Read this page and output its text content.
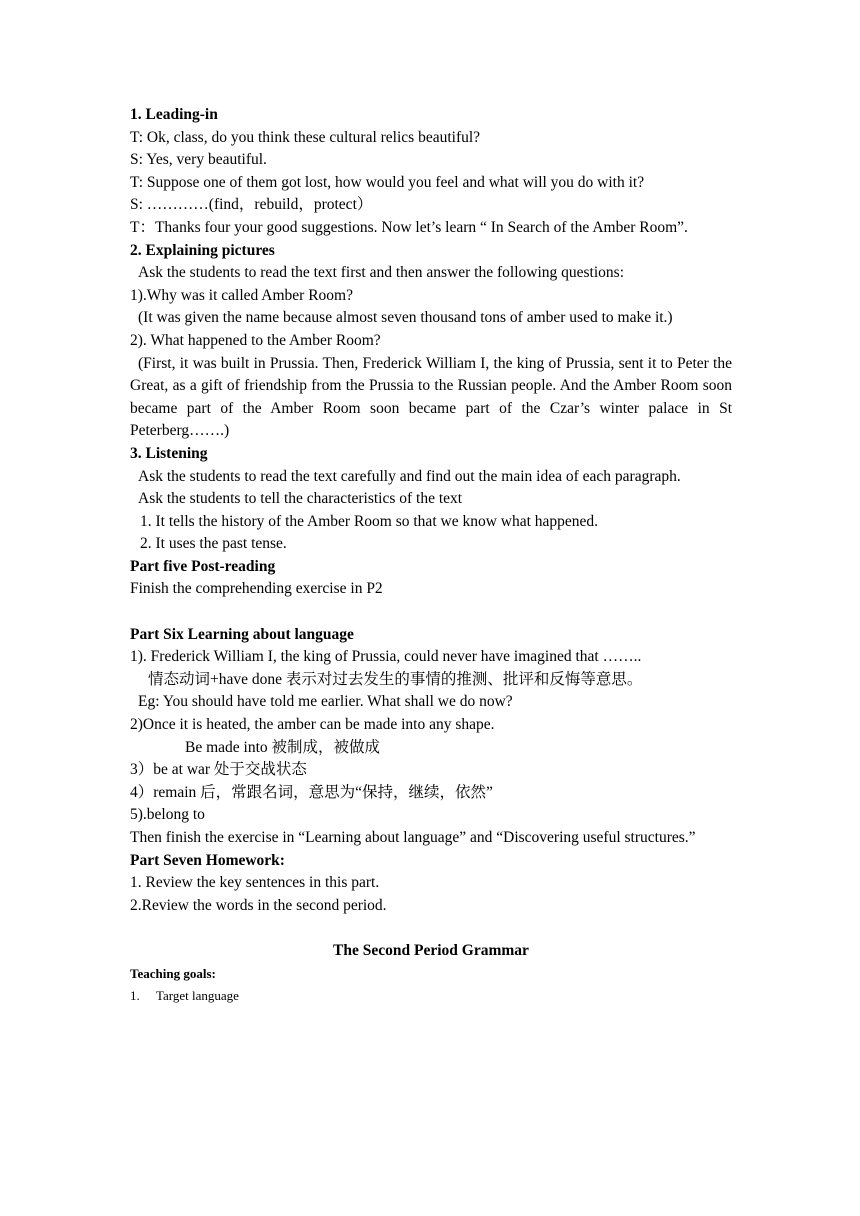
1. Leading-in
T: Ok, class, do you think these cultural relics beautiful?
S: Yes, very beautiful.
T: Suppose one of them got lost, how would you feel and what will you do with it?
S: …………(find，rebuild，protect）
T：Thanks four your good suggestions. Now let’s learn “ In Search of the Amber Room”.
2. Explaining pictures
Ask the students to read the text first and then answer the following questions:
1).Why was it called Amber Room?
(It was given the name because almost seven thousand tons of amber used to make it.)
2). What happened to the Amber Room?
(First, it was built in Prussia. Then, Frederick William I, the king of Prussia, sent it to Peter the Great, as a gift of friendship from the Prussia to the Russian people. And the Amber Room soon became part of the Amber Room soon became part of the Czar’s winter palace in St Peterberg…….)
3. Listening
Ask the students to read the text carefully and find out the main idea of each paragraph.
Ask the students to tell the characteristics of the text
1. It tells the history of the Amber Room so that we know what happened.
2. It uses the past tense.
Part five Post-reading
Finish the comprehending exercise in P2
Part Six Learning about language
1). Frederick William I, the king of Prussia, could never have imagined that ……..
情态动词+have done 表示对过去发生的事情的推测、批评和反悔等意思。
Eg: You should have told me earlier. What shall we do now?
2)Once it is heated, the amber can be made into any shape.
Be made into 被制成，被做成
3）be at war 处于交战状态
4）remain 后，常跟名词，意思为“保持，继续，依然”
5).belong to
Then finish the exercise in “Learning about language” and “Discovering useful structures.”
Part Seven Homework:
1. Review the key sentences in this part.
2.Review the words in the second period.
The Second Period Grammar
Teaching goals:
1. Target language
